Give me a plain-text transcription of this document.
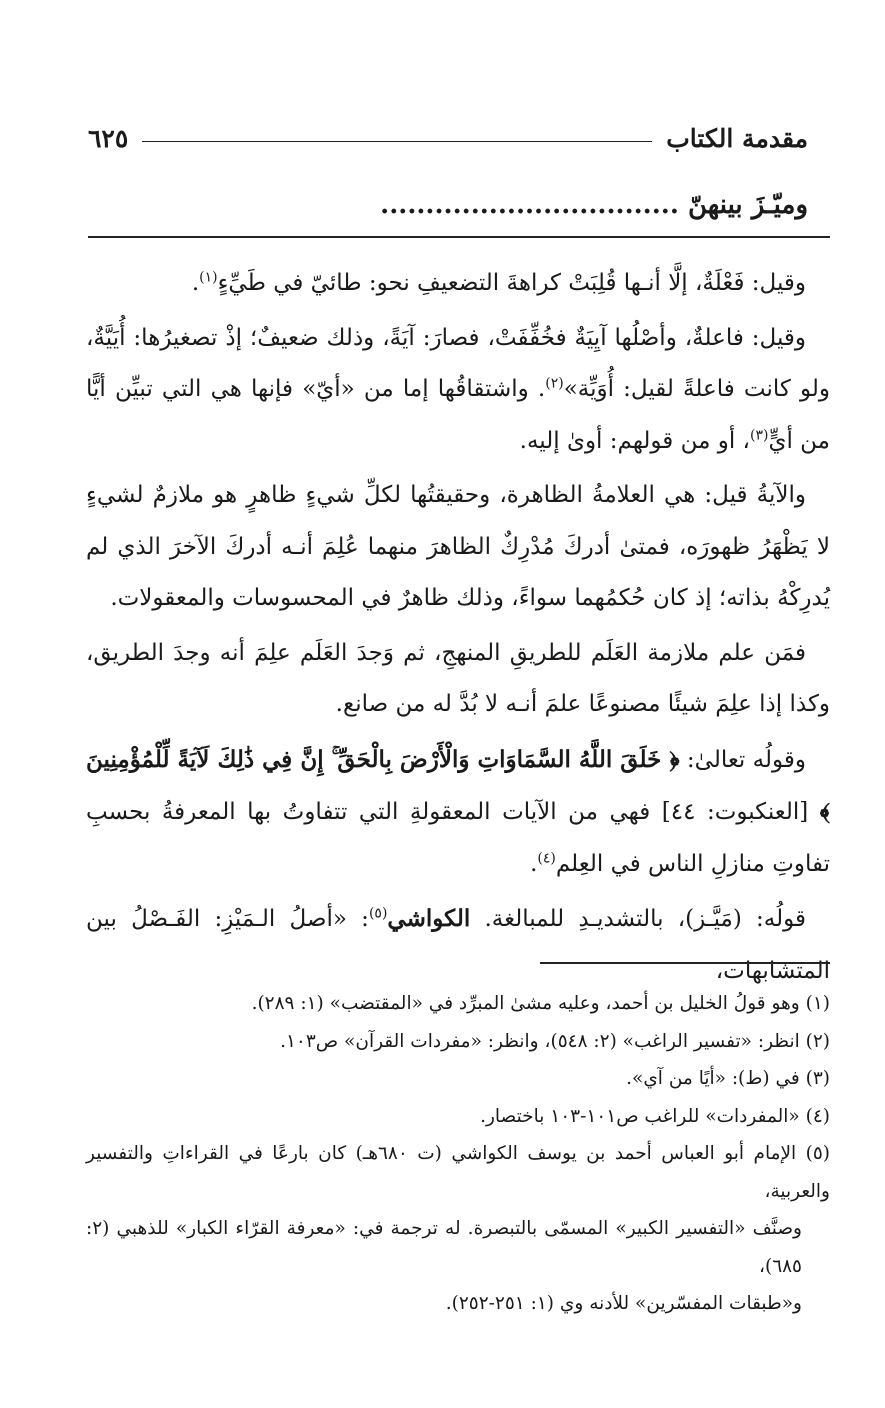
مقدمة الكتاب
٦٢٥
وميّـزَ بينهنّ .................................

وقيل: فَعْلَةٌ، إلَّا أنـها قُلِبَتْ كراهةَ التضعيفِ نحو: طائيّ في طَيِّءٍ$^{(١)}$.

وقيل: فاعلةٌ، وأصْلُها آيِيَةٌ فخُفِّفَتْ، فصارَ: آيَةً، وذلك ضعيفٌ؛ إذْ تصغيرُها: أُيَيَّةٌ، ولو كانت فاعلةً لقيل: أُوَيِّة»$^{(٢)}$. واشتقاقُها إما من «أيّ» فإنها هي التي تبيِّن أيًّا من أيٍّ$^{(٣)}$، أو من قولهم: أوىٰ إليه.

والآيةُ قيل: هي العلامةُ الظاهرة، وحقيقتُها لكلِّ شيءٍ ظاهرٍ هو ملازمٌ لشيءٍ لا يَظْهَرُ ظهورَه، فمتىٰ أدركَ مُدْرِكٌ الظاهرَ منهما عُلِمَ أنـه أدركَ الآخرَ الذي لم يُدرِكْهُ بذاته؛ إذ كان حُكمُهما سواءً، وذلك ظاهرٌ في المحسوسات والمعقولات.

فمَن علم ملازمة العَلَم للطريقِ المنهجِ، ثم وَجدَ العَلَم علِمَ أنه وجدَ الطريق، وكذا إذا علِمَ شيئًا مصنوعًا علمَ أنـه لا بُدَّ له من صانع.

وقولُه تعالىٰ: ﴿ خَلَقَ اللَّهُ السَّمَاوَاتِ وَالْأَرْضَ بِالْحَقِّ ۚ إِنَّ فِي ذَٰلِكَ لَآيَةً لِّلْمُؤْمِنِينَ ﴾ [العنكبوت: ٤٤] فهي من الآيات المعقولةِ التي تتفاوتُ بها المعرفةُ بحسبِ تفاوتِ منازلِ الناس في العِلم$^{(٤)}$.

قولُه: (مَيَّـز)، بالتشديـدِ للمبالغة. الكواشي$^{(٥)}$: «أصلُ الـمَيْزِ: الفَـصْلُ بين المتشابهات،

(١) وهو قولُ الخليل بن أحمد، وعليه مشىٰ المبرِّد في «المقتضب» (١: ٢٨٩).

(٢) انظر: «تفسير الراغب» (٢: ٥٤٨)، وانظر: «مفردات القرآن» ص١٠٣.

(٣) في (ط): «أيًا من آي».

(٤) «المفردات» للراغب ص١٠١-١٠٣ باختصار.

(٥) الإمام أبو العباس أحمد بن يوسف الكواشي (ت ٦٨٠هـ) كان بارعًا في القراءاتِ والتفسير والعربية،

وصنَّف «التفسير الكبير» المسمّى بالتبصرة. له ترجمة في: «معرفة القرّاء الكبار» للذهبي (٢: ٦٨٥)،

و«طبقات المفسّرين» للأدنه وي (١: ٢٥١-٢٥٢).
